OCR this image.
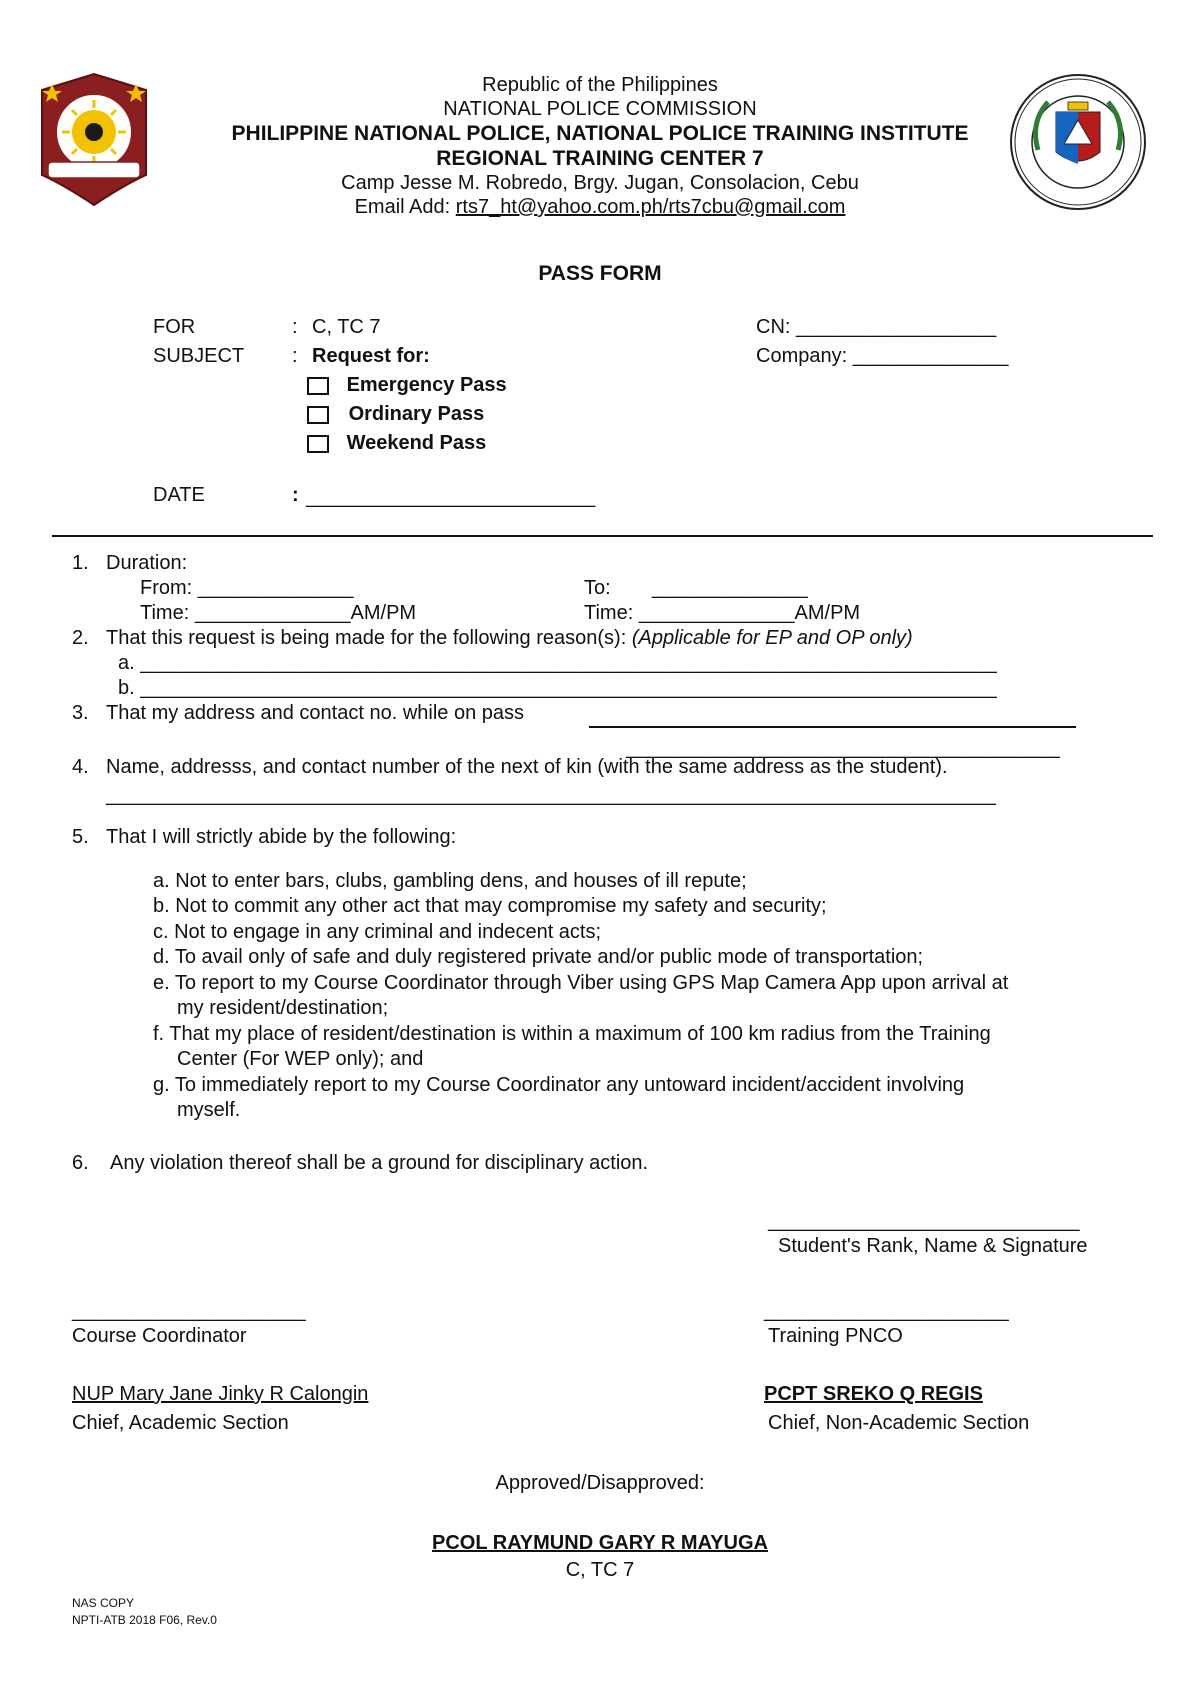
Republic of the Philippines
NATIONAL POLICE COMMISSION
PHILIPPINE NATIONAL POLICE, NATIONAL POLICE TRAINING INSTITUTE
REGIONAL TRAINING CENTER 7
Camp Jesse M. Robredo, Brgy. Jugan, Consolacion, Cebu
Email Add: rts7_ht@yahoo.com.ph/rts7cbu@gmail.com
PASS FORM
FOR	: C, TC 7	CN: __________________
SUBJECT : Request for:	Company: ______________
Emergency Pass
Ordinary Pass
Weekend Pass
DATE	: __________________________
1. Duration:
From: ______________	To: ______________
Time: ______________AM/PM	Time: ______________AM/PM
2. That this request is being made for the following reason(s): (Applicable for EP and OP only)
a. _____________________________________________________________________________
b. _____________________________________________________________________________
3. That my address and contact no. while on pass
_______________________________________
4. Name, addresss, and contact number of the next of kin (with the same address as the student).
________________________________________________________________________________
5. That I will strictly abide by the following:
a. Not to enter bars, clubs, gambling dens, and houses of ill repute;
b. Not to commit any other act that may compromise my safety and security;
c. Not to engage in any criminal and indecent acts;
d. To avail only of safe and duly registered private and/or public mode of transportation;
e. To report to my Course Coordinator through Viber using GPS Map Camera App upon arrival at
my resident/destination;
f. That my place of resident/destination is within a maximum of 100 km radius from the Training
Center (For WEP only); and
g. To immediately report to my Course Coordinator any untoward incident/accident involving
myself.
6. Any violation thereof shall be a ground for disciplinary action.
____________________________
Student's Rank, Name & Signature
_____________________
Course Coordinator
______________________
Training PNCO
NUP Mary Jane Jinky R Calongin
Chief, Academic Section
PCPT SREKO Q REGIS
Chief, Non-Academic Section
Approved/Disapproved:
PCOL RAYMUND GARY R MAYUGA
C, TC 7
NAS COPY
NPTI-ATB 2018 F06, Rev.0
